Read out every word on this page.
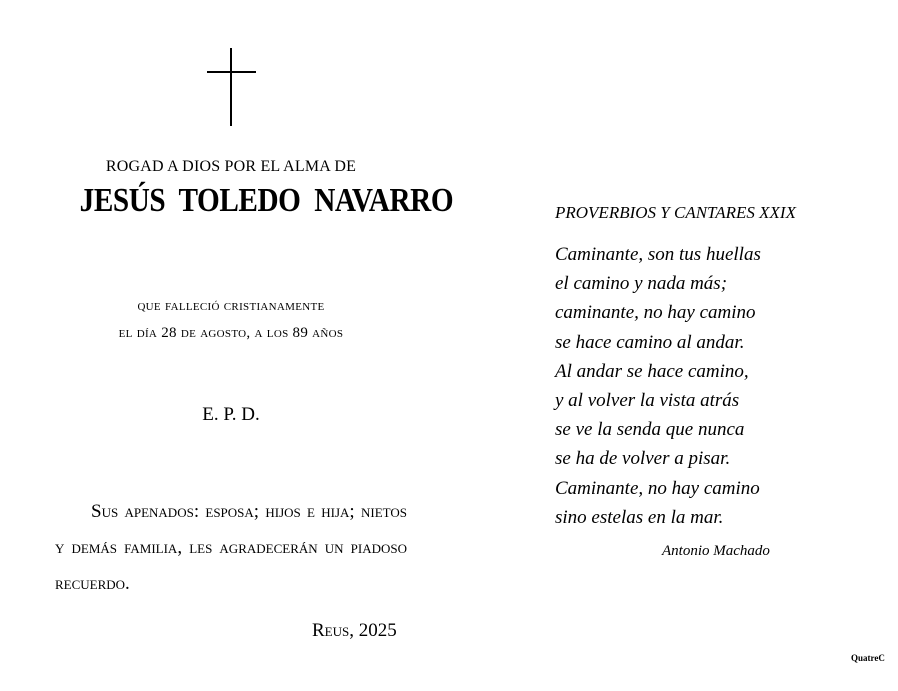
ROGAD A DIOS POR EL ALMA DE
JESÚS TOLEDO NAVARRO
que falleció cristianamente
el día 28 de agosto, a los 89 años
E. P. D.
Sus apenados: esposa; hijos e hija; nietos y demás familia, les agradecerán un piadoso recuerdo.
Reus, 2025
PROVERBIOS Y CANTARES XXIX
Caminante, son tus huellas
el camino y nada más;
caminante, no hay camino
se hace camino al andar.
Al andar se hace camino,
y al volver la vista atrás
se ve la senda que nunca
se ha de volver a pisar.
Caminante, no hay camino
sino estelas en la mar.
Antonio Machado
QuatreC
